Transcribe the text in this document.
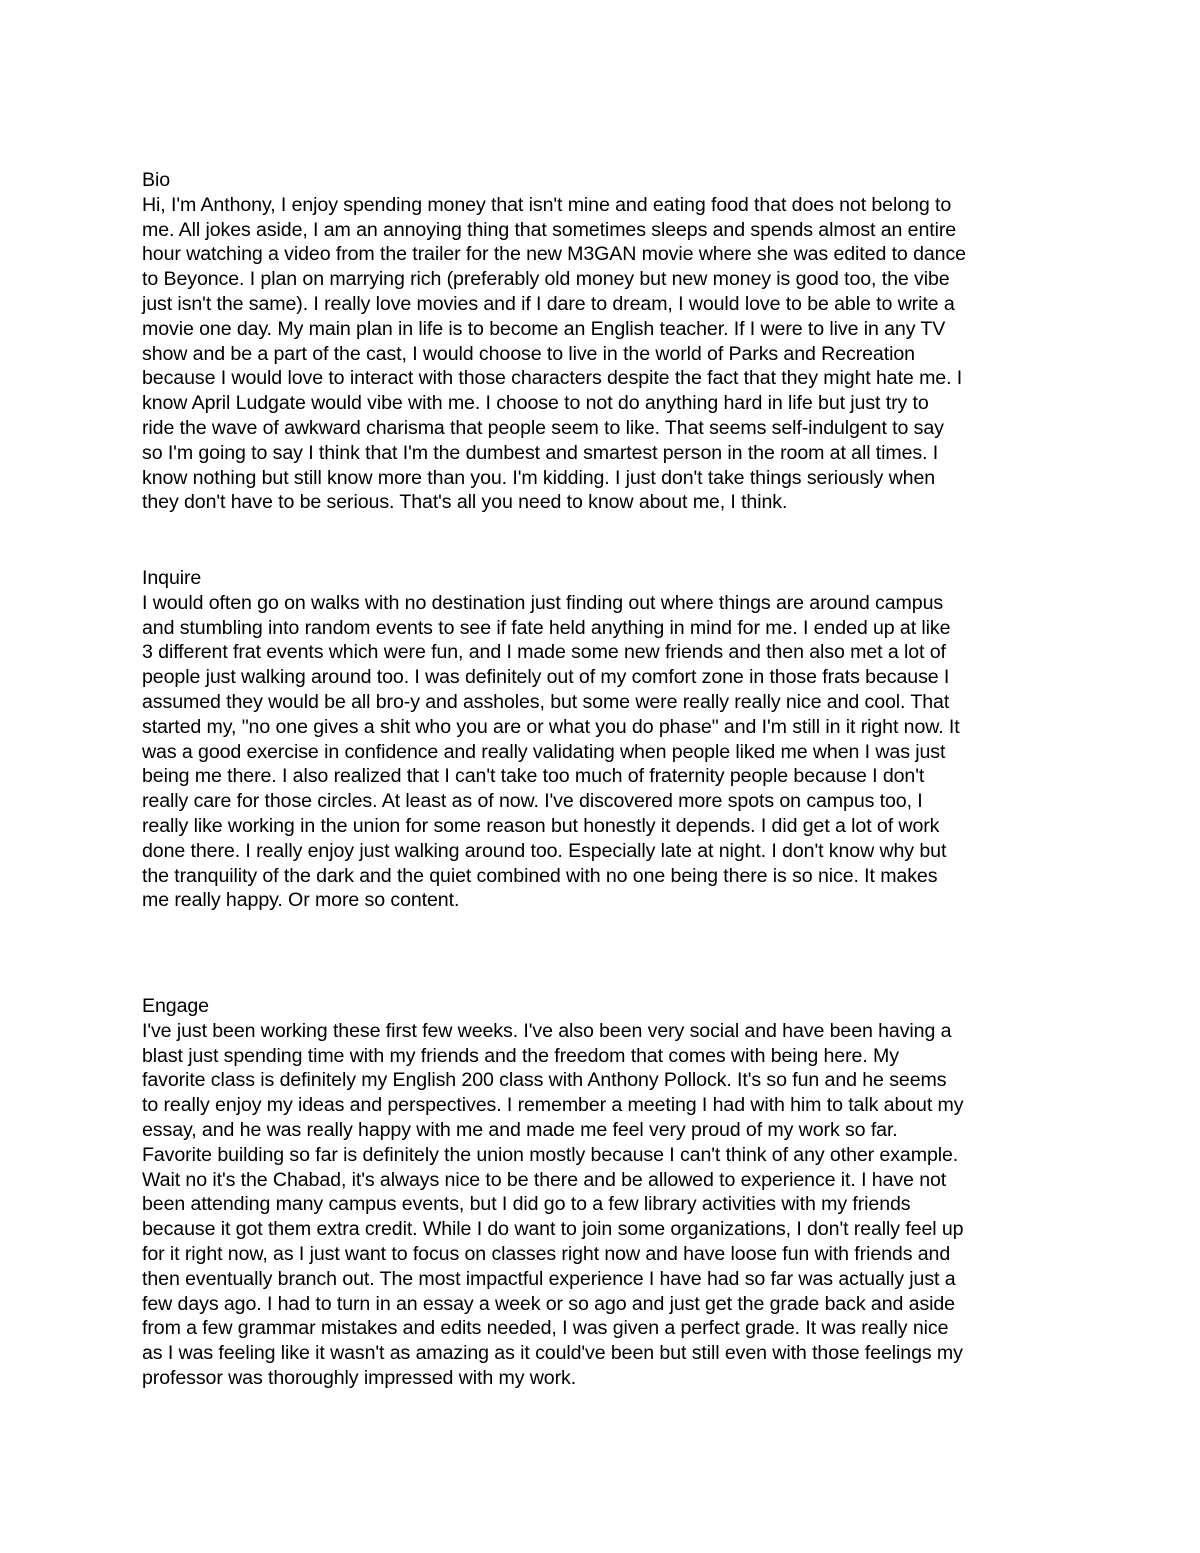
Bio
Hi, I'm Anthony, I enjoy spending money that isn't mine and eating food that does not belong to
me. All jokes aside, I am an annoying thing that sometimes sleeps and spends almost an entire
hour watching a video from the trailer for the new M3GAN movie where she was edited to dance
to Beyonce. I plan on marrying rich (preferably old money but new money is good too, the vibe
just isn't the same). I really love movies and if I dare to dream, I would love to be able to write a
movie one day. My main plan in life is to become an English teacher. If I were to live in any TV
show and be a part of the cast, I would choose to live in the world of Parks and Recreation
because I would love to interact with those characters despite the fact that they might hate me. I
know April Ludgate would vibe with me. I choose to not do anything hard in life but just try to
ride the wave of awkward charisma that people seem to like. That seems self-indulgent to say
so I'm going to say I think that I'm the dumbest and smartest person in the room at all times. I
know nothing but still know more than you. I'm kidding. I just don't take things seriously when
they don't have to be serious. That's all you need to know about me, I think.
Inquire
I would often go on walks with no destination just finding out where things are around campus
and stumbling into random events to see if fate held anything in mind for me. I ended up at like
3 different frat events which were fun, and I made some new friends and then also met a lot of
people just walking around too. I was definitely out of my comfort zone in those frats because I
assumed they would be all bro-y and assholes, but some were really really nice and cool. That
started my, "no one gives a shit who you are or what you do phase" and I'm still in it right now. It
was a good exercise in confidence and really validating when people liked me when I was just
being me there. I also realized that I can't take too much of fraternity people because I don't
really care for those circles. At least as of now. I've discovered more spots on campus too, I
really like working in the union for some reason but honestly it depends. I did get a lot of work
done there. I really enjoy just walking around too. Especially late at night. I don't know why but
the tranquility of the dark and the quiet combined with no one being there is so nice. It makes
me really happy. Or more so content.
Engage
I've just been working these first few weeks. I've also been very social and have been having a
blast just spending time with my friends and the freedom that comes with being here. My
favorite class is definitely my English 200 class with Anthony Pollock. It's so fun and he seems
to really enjoy my ideas and perspectives. I remember a meeting I had with him to talk about my
essay, and he was really happy with me and made me feel very proud of my work so far.
Favorite building so far is definitely the union mostly because I can't think of any other example.
Wait no it's the Chabad, it's always nice to be there and be allowed to experience it. I have not
been attending many campus events, but I did go to a few library activities with my friends
because it got them extra credit. While I do want to join some organizations, I don't really feel up
for it right now, as I just want to focus on classes right now and have loose fun with friends and
then eventually branch out. The most impactful experience I have had so far was actually just a
few days ago. I had to turn in an essay a week or so ago and just get the grade back and aside
from a few grammar mistakes and edits needed, I was given a perfect grade. It was really nice
as I was feeling like it wasn't as amazing as it could've been but still even with those feelings my
professor was thoroughly impressed with my work.
